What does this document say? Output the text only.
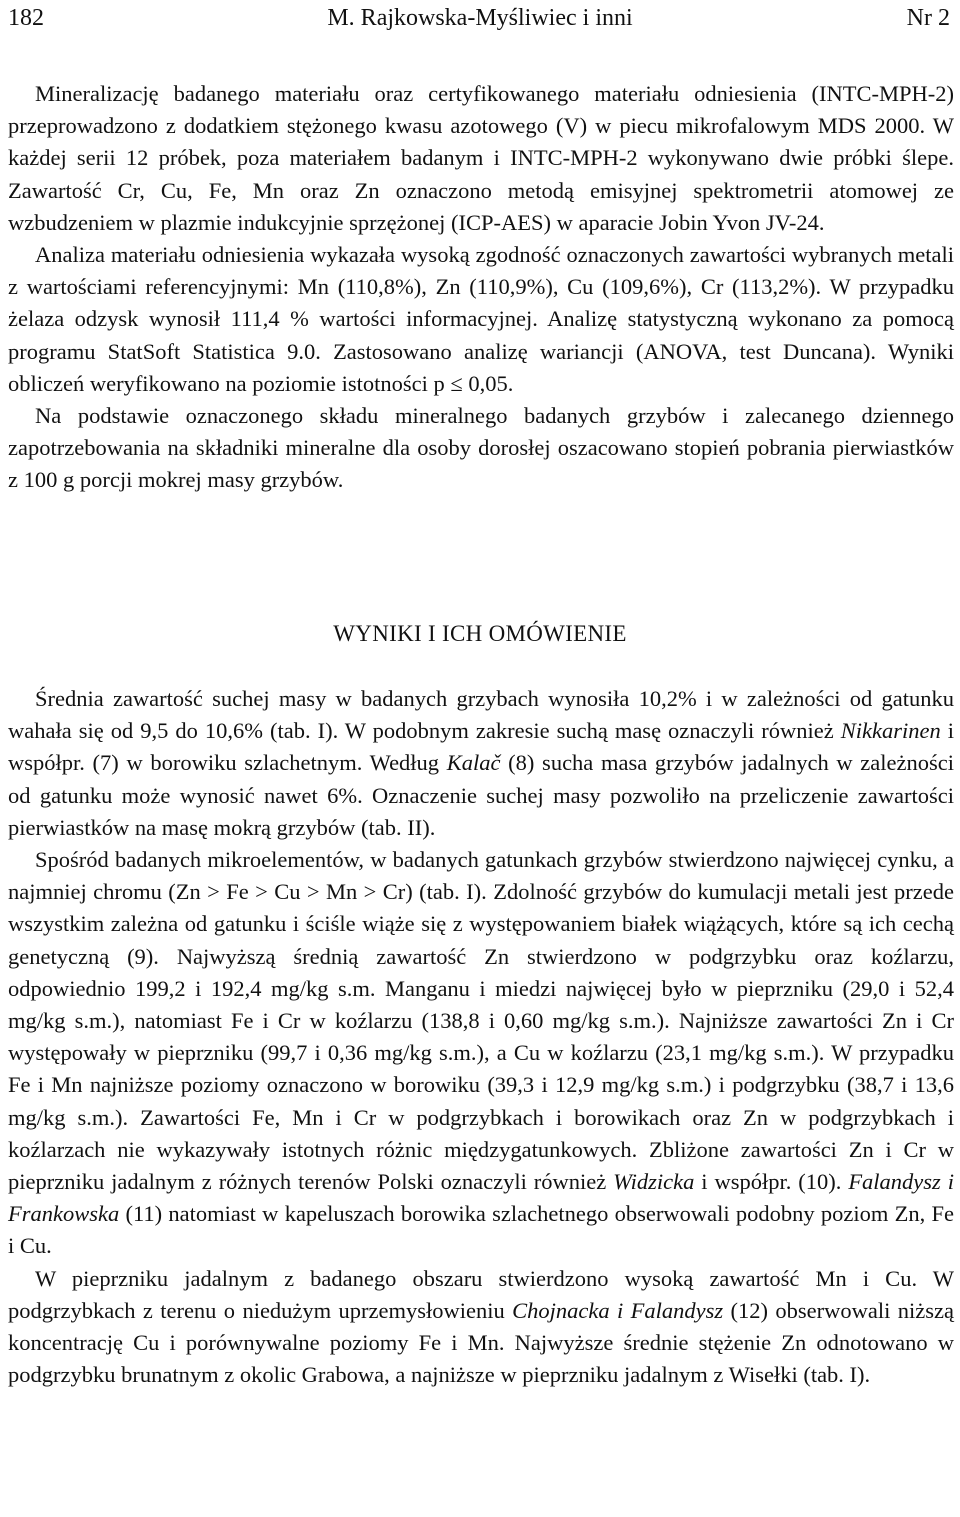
182	M. Rajkowska-Myśliwiec i inni	Nr 2

Mineralizację badanego materiału oraz certyfikowanego materiału odniesienia (INTC-MPH-2) przeprowadzono z dodatkiem stężonego kwasu azotowego (V) w piecu mikrofalowym MDS 2000. W każdej serii 12 próbek, poza materiałem badanym i INTC-MPH-2 wykonywano dwie próbki ślepe. Zawartość Cr, Cu, Fe, Mn oraz Zn oznaczono metodą emisyjnej spektrometrii atomowej ze wzbudzeniem w plazmie indukcyjnie sprzężonej (ICP-AES) w aparacie Jobin Yvon JV-24.

Analiza materiału odniesienia wykazała wysoką zgodność oznaczonych zawartości wybranych metali z wartościami referencyjnymi: Mn (110,8%), Zn (110,9%), Cu (109,6%), Cr (113,2%). W przypadku żelaza odzysk wynosił 111,4 % wartości informacyjnej. Analizę statystyczną wykonano za pomocą programu StatSoft Statistica 9.0. Zastosowano analizę wariancji (ANOVA, test Duncana). Wyniki obliczeń weryfikowano na poziomie istotności p ≤ 0,05.

Na podstawie oznaczonego składu mineralnego badanych grzybów i zalecanego dziennego zapotrzebowania na składniki mineralne dla osoby dorosłej oszacowano stopień pobrania pierwiastków z 100 g porcji mokrej masy grzybów.

WYNIKI I ICH OMÓWIENIE

Średnia zawartość suchej masy w badanych grzybach wynosiła 10,2% i w zależności od gatunku wahała się od 9,5 do 10,6% (tab. I). W podobnym zakresie suchą masę oznaczyli również Nikkarinen i współpr. (7) w borowiku szlachetnym. Według Kalač (8) sucha masa grzybów jadalnych w zależności od gatunku może wynosić nawet 6%. Oznaczenie suchej masy pozwoliło na przeliczenie zawartości pierwiastków na masę mokrą grzybów (tab. II).

Spośród badanych mikroelementów, w badanych gatunkach grzybów stwierdzono najwięcej cynku, a najmniej chromu (Zn > Fe > Cu > Mn > Cr) (tab. I). Zdolność grzybów do kumulacji metali jest przede wszystkim zależna od gatunku i ściśle wiąże się z występowaniem białek wiążących, które są ich cechą genetyczną (9). Najwyższą średnią zawartość Zn stwierdzono w podgrzybku oraz koźlarzu, odpowiednio 199,2 i 192,4 mg/kg s.m. Manganu i miedzi najwięcej było w pieprzniku (29,0 i 52,4 mg/kg s.m.), natomiast Fe i Cr w koźlarzu (138,8 i 0,60 mg/kg s.m.). Najniższe zawartości Zn i Cr występowały w pieprzniku (99,7 i 0,36 mg/kg s.m.), a Cu w koźlarzu (23,1 mg/kg s.m.). W przypadku Fe i Mn najniższe poziomy oznaczono w borowiku (39,3 i 12,9 mg/kg s.m.) i podgrzybku (38,7 i 13,6 mg/kg s.m.). Zawartości Fe, Mn i Cr w podgrzybkach i borowikach oraz Zn w podgrzybkach i koźlarzach nie wykazywały istotnych różnic międzygatunkowych. Zbliżone zawartości Zn i Cr w pieprzniku jadalnym z różnych terenów Polski oznaczyli również Widzicka i współpr. (10). Falandysz i Frankowska (11) natomiast w kapeluszach borowika szlachetnego obserwowali podobny poziom Zn, Fe i Cu.

W pieprzniku jadalnym z badanego obszaru stwierdzono wysoką zawartość Mn i Cu. W podgrzybkach z terenu o niedużym uprzemysłowieniu Chojnacka i Falandysz (12) obserwowali niższą koncentrację Cu i porównywalne poziomy Fe i Mn. Najwyższe średnie stężenie Zn odnotowano w podgrzybku brunatnym z okolic Grabowa, a najniższe w pieprzniku jadalnym z Wisełki (tab. I).
